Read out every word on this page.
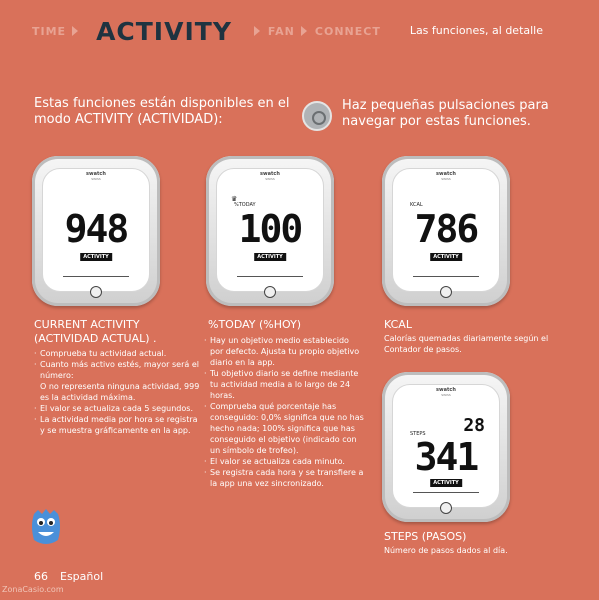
TIME ACTIVITY	FAN CONNECT	Las funciones, al detalle
Estas funciones están disponibles en el modo ACTIVITY (ACTIVIDAD):
Haz pequeñas pulsaciones para navegar por estas funciones.
swatch
SWISS
948
ACTIVITY
swatch
SWISS
♛
%TODAY
100
ACTIVITY
swatch
SWISS
KCAL
786
ACTIVITY
swatch
SWISS
28
STEPS
341
ACTIVITY
CURRENT ACTIVITY
(ACTIVIDAD ACTUAL) .
· Comprueba tu actividad actual.
· Cuanto más activo estés, mayor será el número:
O no representa ninguna actividad, 999 es la actividad máxima.
· El valor se actualiza cada 5 segundos.
· La actividad media por hora se registra y se muestra gráficamente en la app.
%TODAY (%HOY)
· Hay un objetivo medio establecido por defecto. Ajusta tu propio objetivo diario en la app.
· Tu objetivo diario se define mediante tu actividad media a lo largo de 24 horas.
· Comprueba qué porcentaje has conseguido: 0,0% significa que no has hecho nada; 100% significa que has conseguido el objetivo (indicado con un símbolo de trofeo).
· El valor se actualiza cada minuto.
· Se registra cada hora y se transfiere a la app una vez sincronizado.
KCAL
Calorías quemadas diariamente según el Contador de pasos.
STEPS (PASOS)
Número de pasos dados al día.
66 Español
ZonaCasio.com
